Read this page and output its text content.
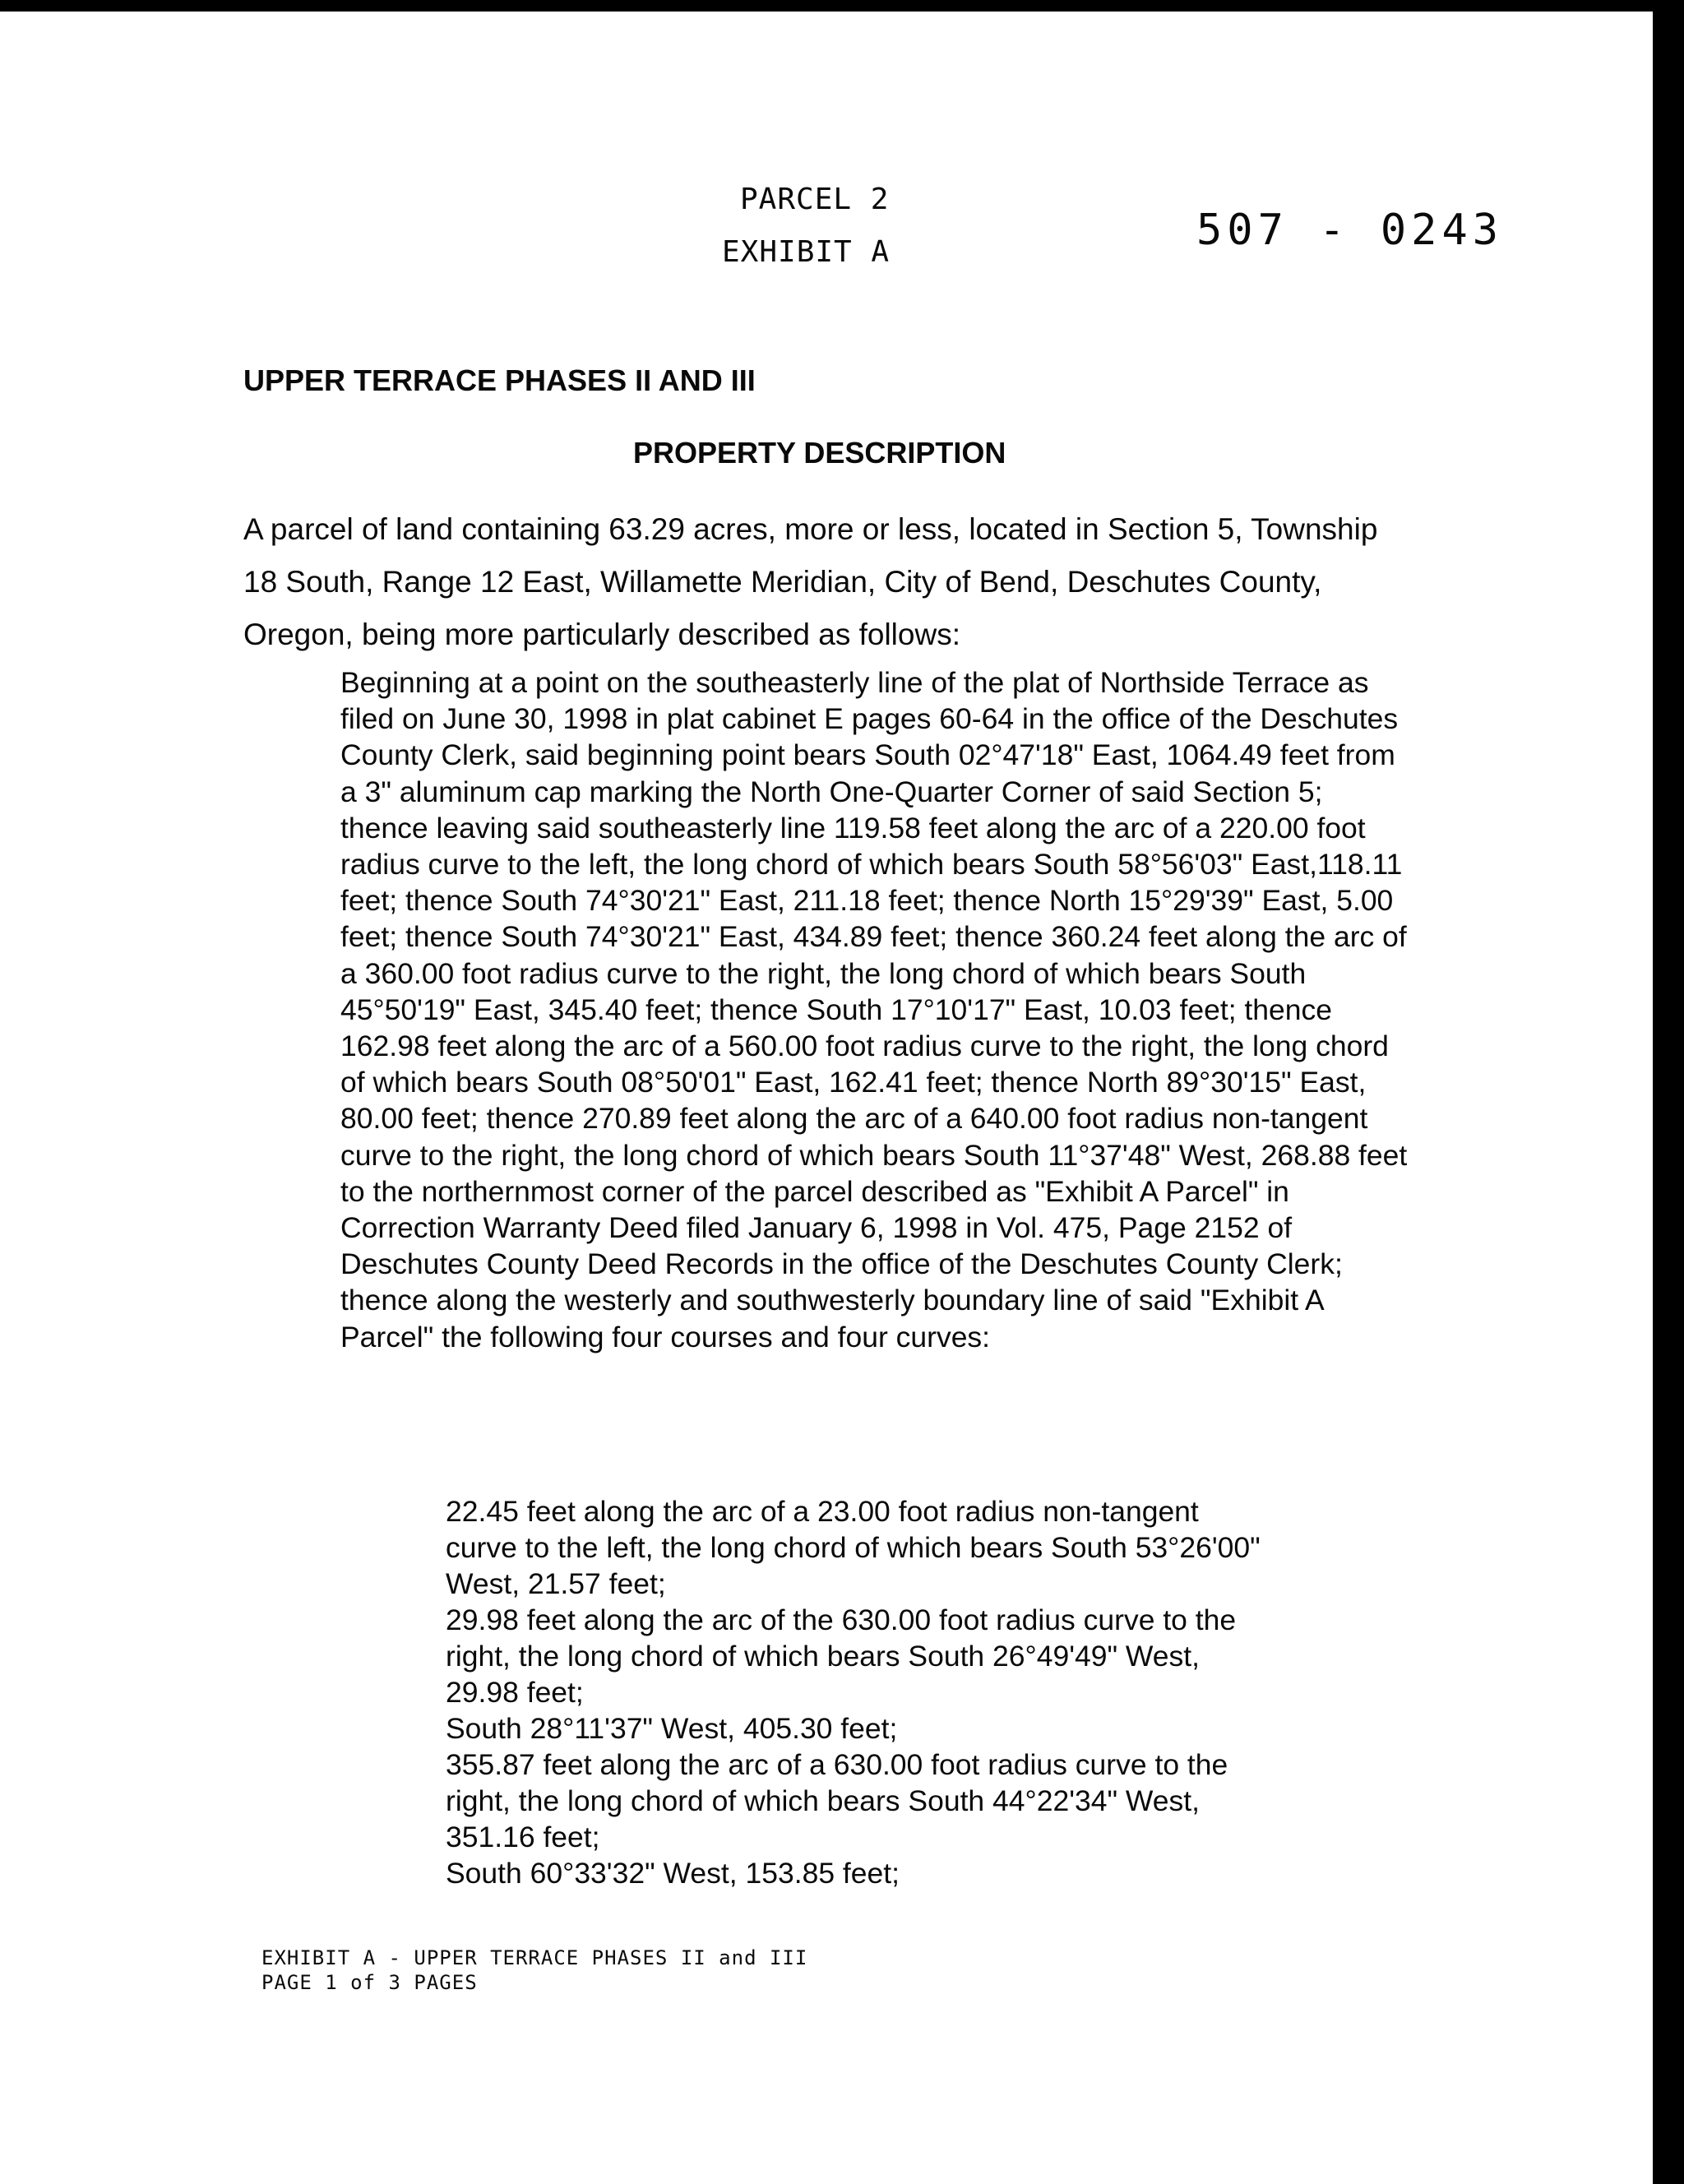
PARCEL 2
EXHIBIT A	507 - 0243
UPPER TERRACE PHASES II AND III
PROPERTY DESCRIPTION

A parcel of land containing 63.29 acres, more or less, located in Section 5, Township 18 South, Range 12 East, Willamette Meridian, City of Bend, Deschutes County, Oregon, being more particularly described as follows:

Beginning at a point on the southeasterly line of the plat of Northside Terrace as filed on June 30, 1998 in plat cabinet E pages 60-64 in the office of the Deschutes County Clerk, said beginning point bears South 02°47'18" East, 1064.49 feet from a 3" aluminum cap marking the North One-Quarter Corner of said Section 5; thence leaving said southeasterly line 119.58 feet along the arc of a 220.00 foot radius curve to the left, the long chord of which bears South 58°56'03" East,118.11 feet; thence South 74°30'21" East, 211.18 feet; thence North 15°29'39" East, 5.00 feet; thence South 74°30'21" East, 434.89 feet; thence 360.24 feet along the arc of a 360.00 foot radius curve to the right, the long chord of which bears South 45°50'19" East, 345.40 feet; thence South 17°10'17" East, 10.03 feet; thence 162.98 feet along the arc of a 560.00 foot radius curve to the right, the long chord of which bears South 08°50'01" East, 162.41 feet; thence North 89°30'15" East, 80.00 feet; thence 270.89 feet along the arc of a 640.00 foot radius non-tangent curve to the right, the long chord of which bears South 11°37'48" West, 268.88 feet to the northernmost corner of the parcel described as "Exhibit A Parcel" in Correction Warranty Deed filed January 6, 1998 in Vol. 475, Page 2152 of Deschutes County Deed Records in the office of the Deschutes County Clerk; thence along the westerly and southwesterly boundary line of said "Exhibit A Parcel" the following four courses and four curves:

22.45 feet along the arc of a 23.00 foot radius non-tangent curve to the left, the long chord of which bears South 53°26'00" West, 21.57 feet;
29.98 feet along the arc of the 630.00 foot radius curve to the right, the long chord of which bears South 26°49'49" West, 29.98 feet;
South 28°11'37" West, 405.30 feet;
355.87 feet along the arc of a 630.00 foot radius curve to the right, the long chord of which bears South 44°22'34" West, 351.16 feet;
South 60°33'32" West, 153.85 feet;
EXHIBIT A - UPPER TERRACE PHASES II and III
PAGE 1 of 3 PAGES
